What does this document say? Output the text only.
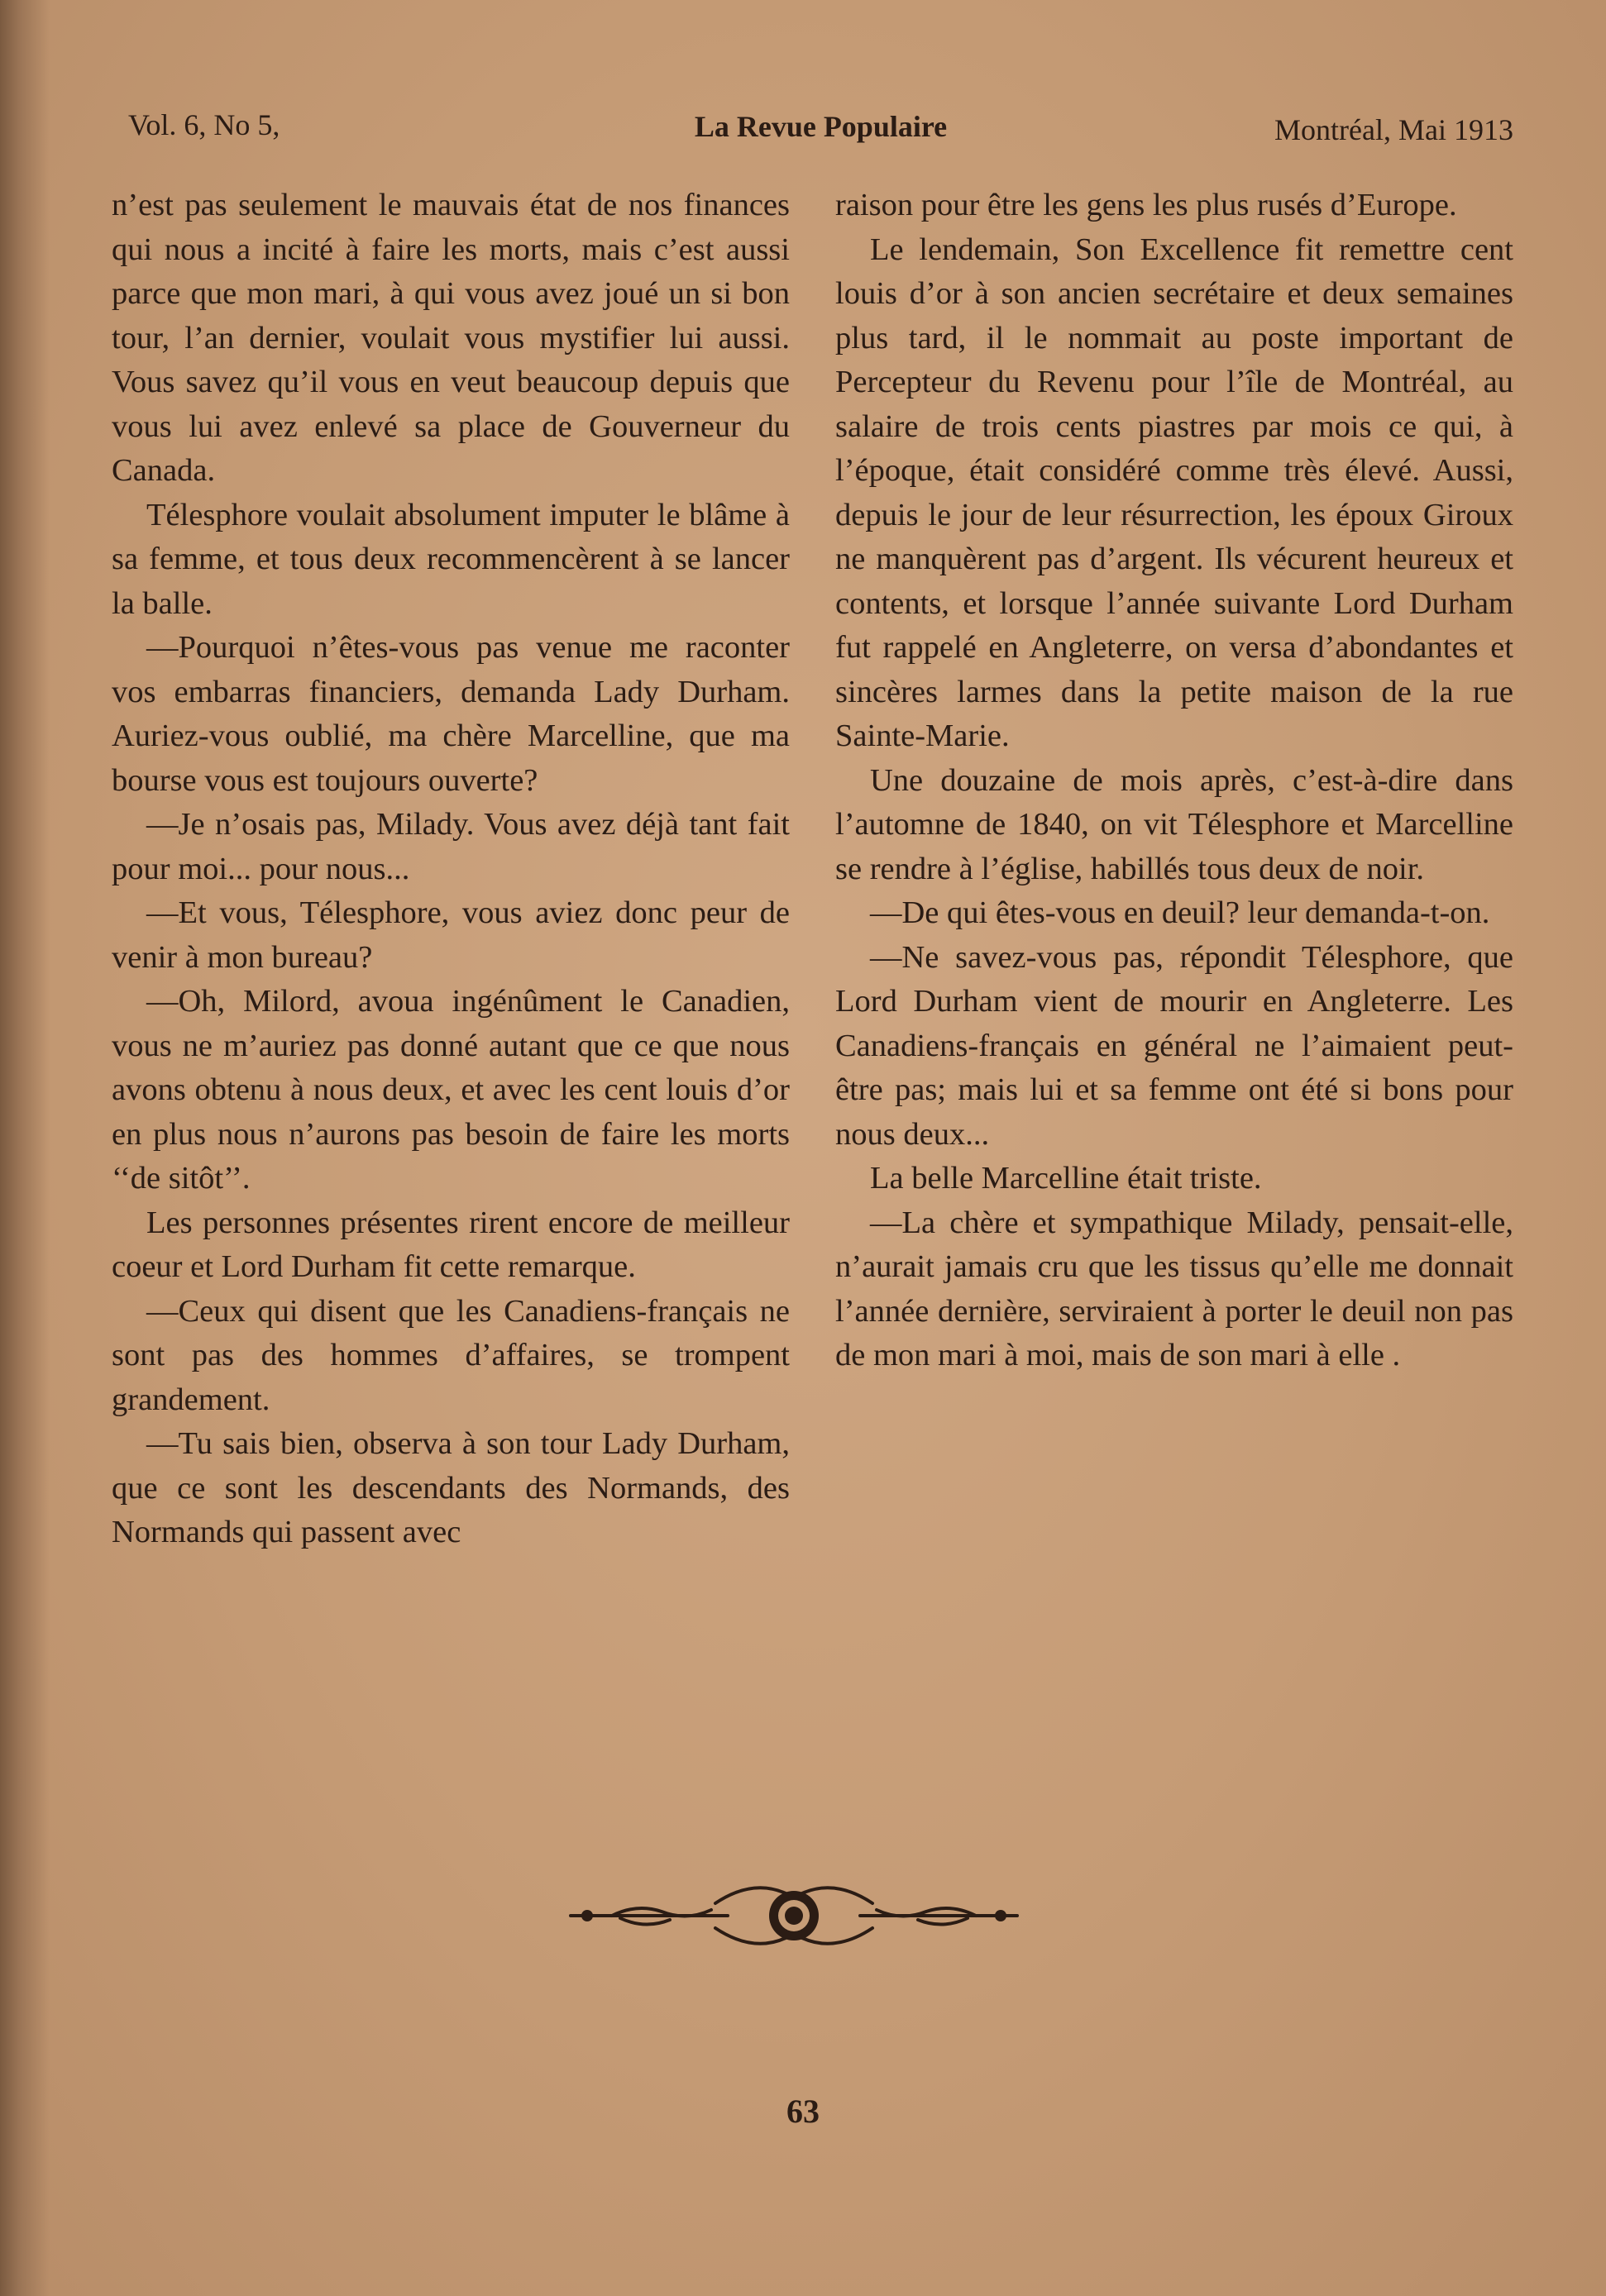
Vol. 6, No 5,	La Revue Populaire	Montréal, Mai 1913

n’est pas seulement le mauvais état de nos finances qui nous a incité à faire les morts, mais c’est aussi parce que mon mari, à qui vous avez joué un si bon tour, l’an dernier, voulait vous mystifier lui aussi. Vous savez qu’il vous en veut beaucoup depuis que vous lui avez enlevé sa place de Gouverneur du Canada.

Télesphore voulait absolument imputer le blâme à sa femme, et tous deux recommencèrent à se lancer la balle.

—Pourquoi n’êtes-vous pas venue me raconter vos embarras financiers, demanda Lady Durham. Auriez-vous oublié, ma chère Marcelline, que ma bourse vous est toujours ouverte?

—Je n’osais pas, Milady. Vous avez déjà tant fait pour moi... pour nous...

—Et vous, Télesphore, vous aviez donc peur de venir à mon bureau?

—Oh, Milord, avoua ingénûment le Canadien, vous ne m’auriez pas donné autant que ce que nous avons obtenu à nous deux, et avec les cent louis d’or en plus nous n’aurons pas besoin de faire les morts ‘‘de sitôt’’.

Les personnes présentes rirent encore de meilleur coeur et Lord Durham fit cette remarque.

—Ceux qui disent que les Canadiens-français ne sont pas des hommes d’affaires, se trompent grandement.

—Tu sais bien, observa à son tour Lady Durham, que ce sont les descendants des Normands, des Normands qui passent avec

raison pour être les gens les plus rusés d’Europe.

Le lendemain, Son Excellence fit remettre cent louis d’or à son ancien secrétaire et deux semaines plus tard, il le nommait au poste important de Percepteur du Revenu pour l’île de Montréal, au salaire de trois cents piastres par mois ce qui, à l’époque, était considéré comme très élevé. Aussi, depuis le jour de leur résurrection, les époux Giroux ne manquèrent pas d’argent. Ils vécurent heureux et contents, et lorsque l’année suivante Lord Durham fut rappelé en Angleterre, on versa d’abondantes et sincères larmes dans la petite maison de la rue Sainte-Marie.

Une douzaine de mois après, c’est-à-dire dans l’automne de 1840, on vit Télesphore et Marcelline se rendre à l’église, habillés tous deux de noir.

—De qui êtes-vous en deuil? leur demanda-t-on.

—Ne savez-vous pas, répondit Télesphore, que Lord Durham vient de mourir en Angleterre. Les Canadiens-français en général ne l’aimaient peut-être pas; mais lui et sa femme ont été si bons pour nous deux...

La belle Marcelline était triste.

—La chère et sympathique Milady, pensait-elle, n’aurait jamais cru que les tissus qu’elle me donnait l’année dernière, serviraient à porter le deuil non pas de mon mari à moi, mais de son mari à elle .

63
